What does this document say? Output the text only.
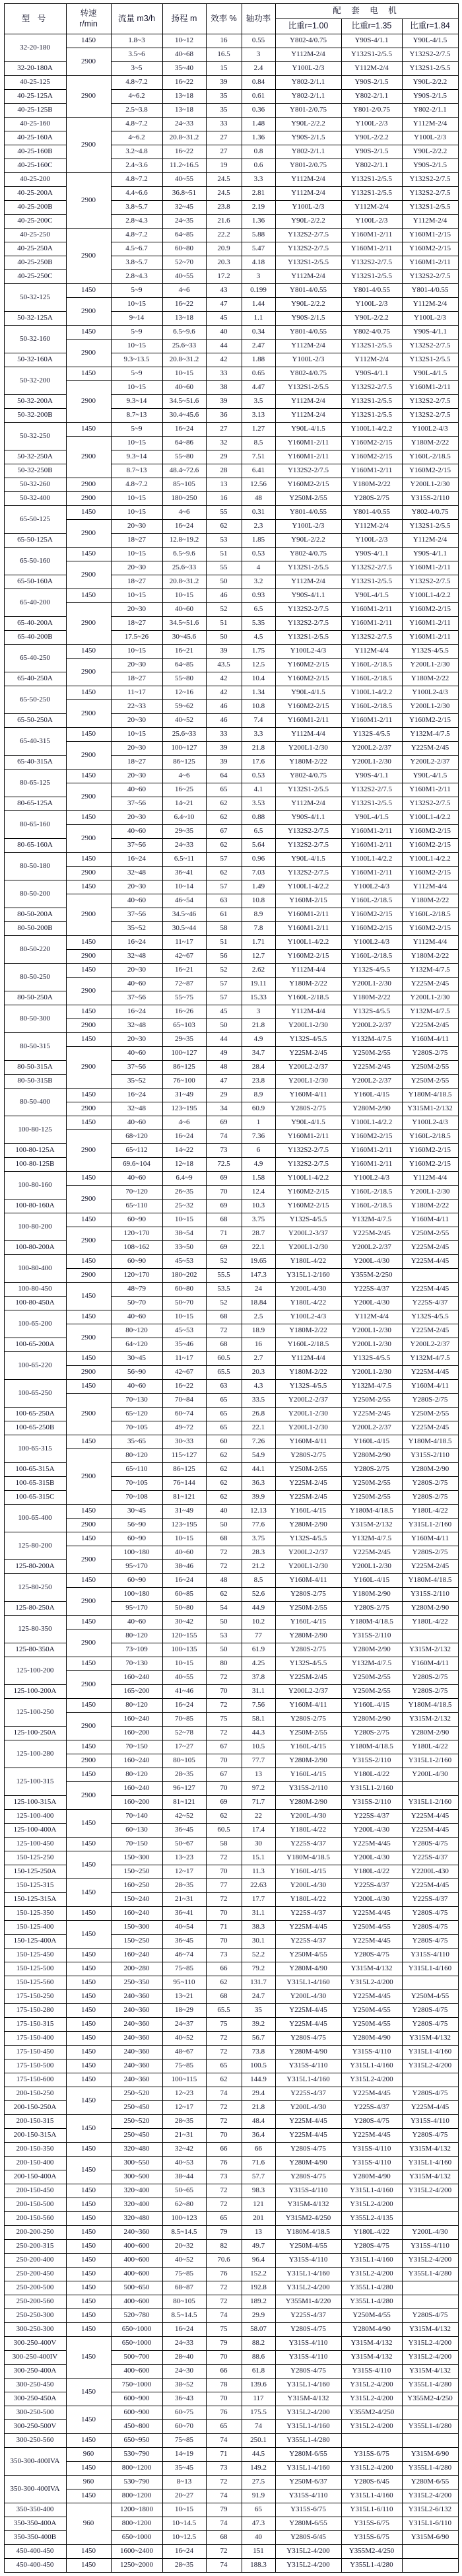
型 号	转速
r/min	流量 m3/h	扬程 m	效率 %	轴功率	配 套 电 机		
						比重r=1.00	比重r=1.35	比重r=1.84
32-20-180	1450	1.8~3	10~12	16	0.55	Y802-4/0.75	Y90S-4/1.1	Y90L-4/1.5
	2900	3.5~6	40~68	16.5	3	Y112M-2/4	Y132S1-2/5.5	Y132S2-2/7.5
32-20-180A		3~5	35~40	15	2.4	Y100L-2/3	Y112M-2/4	Y132S1-2/5.5
40-25-125	2900	4.8~7.2	16~22	39	0.84	Y802-2/1.1	Y90S-2/1.5	Y90L-2/2.2
40-25-125A		4~6.2	13~18	35	0.61	Y802-2/1.1	Y802-2/1.1	Y90S-2/1.5
40-25-125B		2.5~3.8	13~18	35	0.36	Y801-2/0.75	Y801-2/0.75	Y802-2/1.1
40-25-160	2900	4.8~7.2	24~33	33	1.48	Y90L-2/2.2	Y100L-2/3	Y112M-2/4
40-25-160A		4~6.2	20.8~31.2	27	1.36	Y90S-2/1.5	Y90L-2/2.2	Y100L-2/3
40-25-160B		3.2~4.8	16~22	27	0.8	Y802-2/1.1	Y90S-2/1.5	Y90L-2/2.2
40-25-160C		2.4~3.6	11.2~16.5	19	0.6	Y801-2/0.75	Y802-2/1.1	Y90S-2/1.5
40-25-200	2900	4.8~7.2	40~55	24.5	3.3	Y112M-2/4	Y132S1-2/5.5	Y132S2-2/7.5
40-25-200A		4.4~6.6	36.8~51	24.5	2.81	Y112M-2/4	Y132S1-2/5.5	Y132S2-2/7.5
40-25-200B		3.8~5.7	32~45	23.8	2.19	Y100L-2/3	Y112M-2/4	Y132S1-2/5.5
40-25-200C		2.8~4.3	24~35	21.6	1.36	Y90L-2/2.2	Y100L-2/3	Y112M-2/4
40-25-250	2900	4.8~7.2	64~85	22.2	5.88	Y132S2-2/7.5	Y160M1-2/11	Y160M1-2/15
40-25-250A		4.5~6.7	60~80	20.9	5.47	Y132S2-2/7.5	Y160M1-2/11	Y160M2-2/15
40-25-250B		3.8~5.7	52~70	20.3	4.18	Y132S1-2/5.5	Y132S2-2/7.5	Y160M1-2/11
40-25-250C		2.8~4.3	40~55	17.2	3	Y112M-2/4	Y132S1-2/5.5	Y132S2-2/7.5
50-32-125	1450	5~9	4~6	43	0.199	Y801-4/0.55	Y801-4/0.55	Y801-4/0.55
	2900	10~15	16~22	47	1.44	Y90L-2/2.2	Y100L-2/3	Y112M-2/4
50-32-125A		9~14	13~18	45	1.1	Y90S-2/1.5	Y90L-2/2.2	Y100L-2/3
50-32-160	1450	5~9	6.5~9.6	40	0.34	Y801-4/0.55	Y802-4/0.75	Y90S-4/1.1
	2900	10~15	25.6~33	44	2.47	Y112M-2/4	Y132S1-2/5.5	Y132S2-2/7.5
50-32-160A		9.3~13.5	20.8~31.2	42	1.88	Y100L-2/3	Y112M-2/4	Y132S1-2/5.5
50-32-200	1450	5~9	10~15	33	0.65	Y802-4/0.75	Y90S-4/1.1	Y90L-4/1.5
	2900	10~15	40~60	38	4.47	Y132S1-2/5.5	Y132S2-2/7.5	Y160M1-2/11
50-32-200A		9.3~14	34.5~51.6	39	3.5	Y112M-2/4	Y132S1-2/5.5	Y132S2-2/7.5
50-32-200B		8.7~13	30.4~45.6	36	3.13	Y112M-2/4	Y132S1-2/5.5	Y132S2-2/7.5
50-32-250	1450	5~9	16~24	27	1.27	Y90L-4/1.5	Y100L1-4/2.2	Y100L2-4/3
	2900	10~15	64~86	32	8.5	Y160M1-2/11	Y160M2-2/15	Y180M-2/22
50-32-250A		9.3~14	55~80	29	7.51	Y160M1-2/11	Y160M2-2/15	Y160L-2/18.5
50-32-250B		8.7~13	48.4~72.6	28	6.41	Y132S2-2/7.5	Y160M1-2/11	Y160M2-2/15
50-32-260	2900	4.8~7.2	85~105	13	12.56	Y160M2-2/15	Y180M-2/22	Y200L1-2/30
50-32-400	2900	10~15	180~250	16	48	Y250M-2/55	Y280S-2/75	Y315S-2/110
65-50-125	1450	10~15	4~6	55	0.31	Y801-4/0.55	Y801-4/0.55	Y802-4/0.75
	2900	20~30	16~24	62	2.3	Y100L-2/3	Y112M-2/4	Y132S1-2/5.5
65-50-125A		18~27	12.8~19.2	53	1.85	Y90L-2/2.2	Y100L-2/3	Y112M-2/4
65-50-160	1450	10~15	6.5~9.6	51	0.53	Y802-4/0.75	Y90S-4/1.1	Y90S-4/1.1
	2900	20~30	25.6~33	55	4	Y132S1-2/5.5	Y132S2-2/7.5	Y160M1-2/11
65-50-160A		18~27	20.8~31.2	50	3.2	Y112M-2/4	Y132S1-2/5.5	Y132S2-2/7.5
65-40-200	1450	10~15	10~15	46	0.93	Y90S-4/1.1	Y90L-4/1.5	Y100L1-4/2.2
	2900	20~30	40~60	52	6.5	Y132S2-2/7.5	Y160M1-2/11	Y160M2-2/15
65-40-200A		18~27	34.5~51.6	51	5.35	Y132S2-2/7.5	Y160M1-2/11	Y160M1-2/11
65-40-200B		17.5~26	30~45.6	50	4.5	Y132S1-2/5.5	Y132S2-2/7.5	Y160M1-2/11
65-40-250	1450	10~15	16~21	39	1.75	Y100L2-4/3	Y112M-4/4	Y132S-4/5.5
	2900	20~30	64~85	43.5	12.5	Y160M2-2/15	Y160L-2/18.5	Y200L1-2/30
65-40-250A		18~27	55~80	42	10.4	Y160M2-2/15	Y160L-2/18.5	Y180M-2/22
65-50-250	1450	11~17	12~16	42	1.34	Y90L-4/1.5	Y100L1-4/2.2	Y100L2-4/3
	2900	22~33	59~62	46	10.8	Y160M2-2/15	Y160L-2/18.5	Y200L1-2/30
65-50-250A		20~30	40~52	46	7.4	Y160M1-2/11	Y160M1-2/11	Y160M2-2/15
65-40-315	1450	10~15	25.6~33	33	3.3	Y112M-4/4	Y132S-4/5.5	Y132M-4/7.5
	2900	20~30	100~127	39	21.8	Y200L1-2/30	Y200L2-2/37	Y225M-2/45
65-40-315A		18~27	86~125	39	17.6	Y180M-2/22	Y200L1-2/30	Y200L2-2/37
80-65-125	1450	20~30	4~6	64	0.53	Y802-4/0.75	Y90S-4/1.1	Y90L-4/1.5
	2900	40~60	16~25	65	4.1	Y132S1-2/5.5	Y132S2-2/7.5	Y160M1-2/11
80-65-125A		37~56	14~21	62	3.53	Y112M-2/4	Y132S1-2/5.5	Y132S2-2/7.5
80-65-160	1450	20~30	6.4~10	62	0.88	Y90S-4/1.1	Y90L-4/1.5	Y100L1-4/2.2
	2900	40~60	29~35	67	6.5	Y132S2-2/7.5	Y160M1-2/11	Y160M2-2/15
80-65-160A		37~56	24~33	62	5.64	Y132S2-2/7.5	Y160M1-2/11	Y160M2-2/15
80-50-180	1450	16~24	6.5~11	57	0.96	Y90L-4/1.5	Y100L1-4/2.2	Y100L1-4/2.2
	2900	32~48	36~41	62	7.03	Y132S2-2/7.5	Y160M1-2/11	Y160M2-2/15
80-50-200	1450	20~30	10~14	57	1.49	Y100L1-4/2.2	Y100L2-4/3	Y112M-4/4
	2900	40~60	46~54	63	10.8	Y160M-2/15	Y160L-2/18.5	Y180M-2/22
80-50-200A		37~56	34.5~46	61	8.9	Y160M1-2/11	Y160M2-2/15	Y160L-2/18.5
80-50-200B		35~52	30.5~44	58	7.8	Y160M1-2/11	Y160M2-2/15	Y160M2-2/15
80-50-220	1450	16~24	11~17	51	1.71	Y100L1-4/2.2	Y100L2-4/3	Y112M-4/4
	2900	32~48	42~67	56	12.7	Y160M2-2/15	Y160L-2/18.5	Y180M-2/22
80-50-250	1450	20~30	16~21	52	2.62	Y112M-4/4	Y132S-4/5.5	Y132M-4/7.5
	2900	40~60	72~87	57	19.11	Y180M-2/22	Y200L1-2/30	Y225M-2/45
80-50-250A		37~56	55~75	57	15.33	Y160L-2/18.5	Y180M-2/22	Y200L1-2/30
80-50-300	1450	16~24	16~26	45	3	Y112M-4/4	Y132S-4/5.5	Y132M-4/7.5
	2900	32~48	65~103	50	21.8	Y200L1-2/30	Y200L2-2/37	Y225M-2/45
80-50-315	1450	20~30	29~35	44	4.9	Y132S-4/5.5	Y132M-4/7.5	Y160M-4/11
	2900	40~60	100~127	49	34.7	Y225M-2/45	Y250M-2/55	Y280S-2/75
80-50-315A		37~56	86~125	48	28.4	Y200L2-2/37	Y225M-2/45	Y250M-2/55
80-50-315B		35~52	76~100	47	23.8	Y200L1-2/30	Y200L2-2/37	Y250M-2/55
80-50-400	1450	16~24	31~49	29	8.9	Y160M-4/11	Y160L-4/15	Y180M-4/18.5
	2900	32~48	123~195	34	60.9	Y280S-2/75	Y280M-2/90	Y315M1-2/132
100-80-125	1450	40~60	4~6	69	1	Y90L-4/1.5	Y100L1-4/2.2	Y100L2-4/3
	2900	68~120	16~24	74	7.36	Y160M1-2/11	Y160M2-2/15	Y160L-2/18.5
100-80-125A		65~112	14~22	73	6	Y132S2-2/7.5	Y160M1-2/11	Y160M2-2/15
100-80-125B		69.6~104	12~18	72.5	4.9	Y132S2-2/7.5	Y160M1-2/11	Y160M2-2/15
100-80-160	1450	40~60	6.4~9	69	1.58	Y100L1-4/2.2	Y100L2-4/3	Y112M-4/4
	2900	70~120	26~35	70	12.4	Y160M2-2/15	Y160L-2/18.5	Y200L1-2/30
100-80-160A		65~110	25~32	69	10.3	Y160M2-2/15	Y160L-2/18.5	Y180M-2/22
100-80-200	1450	60~90	10~15	68	3.75	Y132S-4/5.5	Y132M-4/7.5	Y160M-4/11
	2900	120~170	38~54	71	28.7	Y200L2-3/37	Y225M-2/45	Y250M-2/55
100-80-200A		108~162	33~50	69	22.1	Y200L1-2/30	Y200L2-2/37	Y225M-2/45
100-80-400	1450	60~90	45~53	52	19.65	Y180L-4/22	Y200L-4/30	Y225M-4/45
	2900	120~170	180~202	55.5	147.3	Y315L1-2/160	Y355M-2/250	
100-80-450	1450	48~79	60~80	53.5	24	Y200L-4/30	Y225S-4/37	Y225M-4/45
100-80-450A		50~70	50~70	52	18.84	Y180L-4/22	Y200L-4/30	Y225S-4/37
100-65-200	1450	40~60	10~15	68	2.5	Y100L2-4/3	Y112M-4/4	Y132S-4/5.5
	2900	80~120	45~53	72	18.9	Y180M-2/22	Y200L1-2/30	Y225M-2/45
100-65-200A		64~120	35~46	68	16	Y160L-2/18.5	Y200L1-2/30	Y200L2-2/37
100-65-220	1450	30~45	11~17	60.5	2.7	Y112M-4/4	Y132S-4/5.5	Y132M-4/7.5
	2900	56~90	42~67	65.5	20.3	Y180M-2/22	Y200L1-2/30	Y225M-4/45
100-65-250	1450	40~60	16~22	63	4.3	Y132S-4/5.5	Y132M-4/7.5	Y160M-4/11
	2900	70~130	70~84	65	33.5	Y200L2-2/37	Y250M-2/55	Y280S-2/75
100-65-250A		65~120	60~74	65	26.8	Y200L1-2/30	Y225M-2/45	Y250M-2/55
100-65-250B		70~105	49~72	65	22.1	Y200L1-2/30	Y200L2-2/37	Y225M-2/45
100-65-315	1450	35~65	30~33	60	7.26	Y160M-4/11	Y160L-4/15	Y180M-4/18.5
	2900	80~120	115~127	62	54.9	Y280S-2/75	Y280M-2/90	Y315S-2/110
100-65-315A		65~110	86~125	62	44.1	Y250M-2/55	Y280S-2/75	Y280M-2/90
100-65-315B		70~105	76~144	62	36.3	Y225M-2/45	Y250M-2/55	Y280S-2/75
100-65-315C		70~108	81~121	62	39.9	Y225M-2/45	Y250M-2/55	Y280S-2/75
100-65-400	1450	30~45	31~49	40	12.13	Y160L-4/15	Y180M-4/18.5	Y180L-4/22
	2900	56~90	123~195	50	77.6	Y280M-2/90	Y315M-2/132	Y315L1-2/160
125-80-200	1450	60~90	10~15	68	3.75	Y132S-4/5.5	Y132M-4/7.5	Y160M-4/11
	2900	100~180	40~60	72	28.3	Y200L2-2/37	Y225M-2/45	Y280S-2/75
125-80-200A		95~170	38~46	72	21.2	Y200L1-2/30	Y200L1-2/30	Y225M-2/45
125-80-250	1450	60~90	16~24	48	8.5	Y160M-4/11	Y160L-4/15	Y180M-4/18.5
	2900	100~180	60~85	62	52.6	Y280S-2/75	Y180M-2/90	Y315S-2/110
125-80-250A		95~170	50~80	54	44.9	Y250M-2/55	Y280S-2/75	Y280M-2/90
125-80-350	1450	40~60	30~42	50	10.2	Y160L-4/15	Y180M-4/18.5	Y180L-4/22
	2900	80~120	120~155	53	77	Y280M-2/90	Y315S-2/110	
125-80-350A		73~109	100~135	50	61.9	Y280S-2/75	Y280M-2/90	Y315M-2/132
125-100-200	1450	70~130	10~15	80	4.25	Y132S-4/5.5	Y132M-4/7.5	Y160M-4/11
	2900	160~240	40~55	72	37.8	Y225M-2/45	Y250M-2/55	Y280S-2/75
125-100-200A		165~200	41~46	70	31.1	Y200L2-2/37	Y250M-2/55	Y280S-2/75
125-100-250	1450	80~120	16~24	72	7.56	Y160M-4/11	Y160L-4/15	Y180M-4/18.5
	2900	160~240	70~85	75	58.1	Y280S-2/75	Y280M-2/90	Y315M-2/132
125-100-250A		160~200	52~78	72	44.3	Y250M-2/55	Y280S-2/75	Y280M-2/90
125-100-280	1450	70~150	17~27	67	10.5	Y160L-4/15	Y180M-4/18.5	Y180L-4/22
	2900	160~240	80~105	70	77.7	Y280M-2/90	Y315S-2/110	Y315L1-2/160
125-100-315	1450	80~120	28~35	67	13	Y160L-4/15	Y180L-4/22	Y200L-4/30
	2900	160~240	96~127	70	97.2	Y315S-2/110	Y315L1-2/160	
125-100-315A		160~200	81~121	69	71.7	Y280M-2/90	Y315S-2/110	Y315L1-2/160
125-100-400	1450	70~140	42~52	62	22	Y200L-4/30	Y225S-4/37	Y225M-4/45
125-100-400A		60~130	36~45	60.5	17.4	Y180L-4/22	Y200L-4/30	Y225M-4/45
125-100-450	1450	70~150	50~67	58	30	Y225S-4/37	Y225M-4/45	Y280S-4/75
150-125-250	1450	150~300	13~23	72	15.1	Y180M-4/18.5	Y200L-4/30	Y225S-4/37
150-125-250A		150~250	12~17	70	11.3	Y160L-4/15	Y180L-4/22	Y2200L-430
150-125-315	1450	160~250	28~35	77	22.63	Y200L-4/30	Y225S-4/37	Y225M-4/45
150-125-315A		150~240	21~31	72	17.7	Y180L-4/22	Y200L-4/30	Y225S-4/37
150-125-350	1450	160~240	36~41	70	31.1	Y225S-4/37	Y225M-4/45	Y280S-4/75
150-125-400	1450	150~300	40~54	71	38.3	Y225M-4/45	Y250M-4/55	Y280S-4/75
150-125-400A		150~250	36~45	70	30.1	Y225S-4/37	Y225M-4/45	Y280S-4/75
150-125-450	1450	160~240	46~74	73	52.2	Y250M-4/55	Y280S-4/75	Y315S-4/110
150-125-500	1450	200~280	75~85	66	79.2	Y280M-4/90	Y315M-4/132	Y315L1-4/160
150-125-560	1450	250~350	95~110	62	131.7	Y315L1-4/160	Y315L2-4/200	
175-150-250	1450	240~360	13~21	68	24.7	Y200L-4/30	Y225M-4/45	Y250M-4/55
175-150-280	1450	240~360	18~29	65.5	35	Y225M-4/45	Y250M-4/55	Y280S-4/75
175-150-315	1450	240~360	24~37	75	39.2	Y225M-4/45	Y250M-4/55	Y280S-4/75
175-150-400	1450	240~360	40~52	72	56.7	Y280S-4/75	Y280M-4/90	Y315M-4/132
175-150-450	1450	240~360	48~67	72	73.8	Y280M-4/90	Y315S-4/110	Y315L1-4/160
175-150-500	1450	240~360	75~85	65	100.5	Y315S-4/110	Y315L1-4/160	Y315L2-4/200
175-150-600	1450	240~360	100~115	62	144.9	Y315L1-4/160	Y315L2-4/200	
200-150-250	1450	250~520	12~23	74	29.4	Y225S-4/37	Y225M-4/45	Y280S-4/75
200-150-250A		250~450	12~17	72	21.8	Y200L-4/30	Y225S-4/37	Y225M-4/45
200-150-315	1450	250~520	28~35	72	48.4	Y225M-4/45	Y280S-4/75	Y315S-4/110
200-150-315A		250~450	21~31	70	36.4	Y225M-4/45	Y225M-4/45	Y280S-4/75
200-150-350	1450	320~480	32~42	66	66	Y280S-4/75	Y315S-4/110	Y315M-4/132
200-150-400	1450	300~550	40~53	76	71.6	Y280M-4/90	Y315S-4/110	Y315L1-4/160
200-150-400A		300~500	38~44	73	57.7	Y280S-4/75	Y280M-4/90	Y315M-4/132
200-150-450	1450	320~400	50~65	72	98.3	Y315S-4/110	Y315L1-4/160	Y315L2-4/200
200-150-500	1450	320~400	62~80	72	121	Y315M-4/132	Y315L2-4/200	
200-150-560	1450	320~480	100~123	65	201	Y315M2-4/250	Y355L2-4/135	
200-200-250	1450	240~360	8.5~14.5	79	13	Y180M-4/18.5	Y180L-4/22	Y200L-4/30
250-200-315	1450	400~600	20~32	82	49.7	Y250M-4/55	Y280S-4/75	Y315S-4/110
250-200-400	1450	400~600	40~52	70.6	96.4	Y315S-4/110	Y315L1-4/160	Y315L2-4/200
250-200-450	1450	400~600	75~85	76	152.2	Y315L1-4/160	Y315L2-4/200	Y355L1-4/280
250-200-500	1450	500~650	68~87	72	192.8	Y315L2-4/200	Y355L1-4/280	
250-200-560	1450	400~600	80~105	72	189.2	Y355M1-4/220	Y355L1-4/280	
250-250-300	1450	520~780	8.5~14.5	74	29.9	Y225S-4/37	Y250M-4/55	Y280S-4/75
300-250-300	1450	650~1000	16~24	75	58.07	Y280S-4/75	Y280M-4/90	Y315M-4/132
300-250-400V	1450	650~1000	24~33	79	88.2	Y315S-4/110	Y315M-4/132	Y315L2-4/200
300-250-400IV		500~700	28~40	70	88.6	Y315S-4/110	Y315M-4/132	Y315L2-4/200
300-250-400A		400~600	24~30	66	61.8	Y280S-4/75	Y315S-4/110	Y315M-4/132
300-250-450	1450	750~1000	38~52	78	139.6	Y315L1-4/160	Y315L2-4/200	Y355L1-4/280
300-250-450A		600~900	36~43	70	117	Y315M-4/132	Y315L2-4/200	Y355M2-4/250
300-250-500	1450	600~900	60~75	76	175.5	Y315L2-4/200	Y355M2-4/250	
300-250-500V		450~800	60~70	65	74	Y315L1-4/160	Y315L2-4/200	Y355L1-4/280
300-250-560	1450	650~950	75~85	74	250.1	Y355L1-4/280		
350-300-400IVA	960	530~790	14~19	71	44.5	Y280M-6/55	Y315S-6/75	Y315M-6/90
	1450	800~1200	35~45	73	149.2	Y315L1-4/160	Y315L2-4/200	Y355L1-4/280
350-300-400IVA	960	530~790	8~13	72	27.5	Y250M-6/37	Y280S-6/45	Y280M-6/55
	1450	800~1200	20~27	74	91.9	Y315S-4/110	Y315L1-4/160	Y315L2-4/200
350-350-400	960	1200~1800	10~15	79	65	Y315S-6/75	Y315L1-6/110	Y315L2-6/132
350-350-400A		800~1200	10~14.5	74	47.3	Y280M-6/55	Y315S-6/75	Y315L1-6/110
350-350-400B		650~1000	10~12.5	68	40	Y280S-6/45	Y315S-6/75	Y315M-6/90
450-400-450	1450	1600~2400	16~24	72	151	Y315L2-4/200	Y355M2-4/250	
450-400-450	1450	1250~2000	28~35	74	188.3	Y315L2-4/200	Y355L1-4/280	
